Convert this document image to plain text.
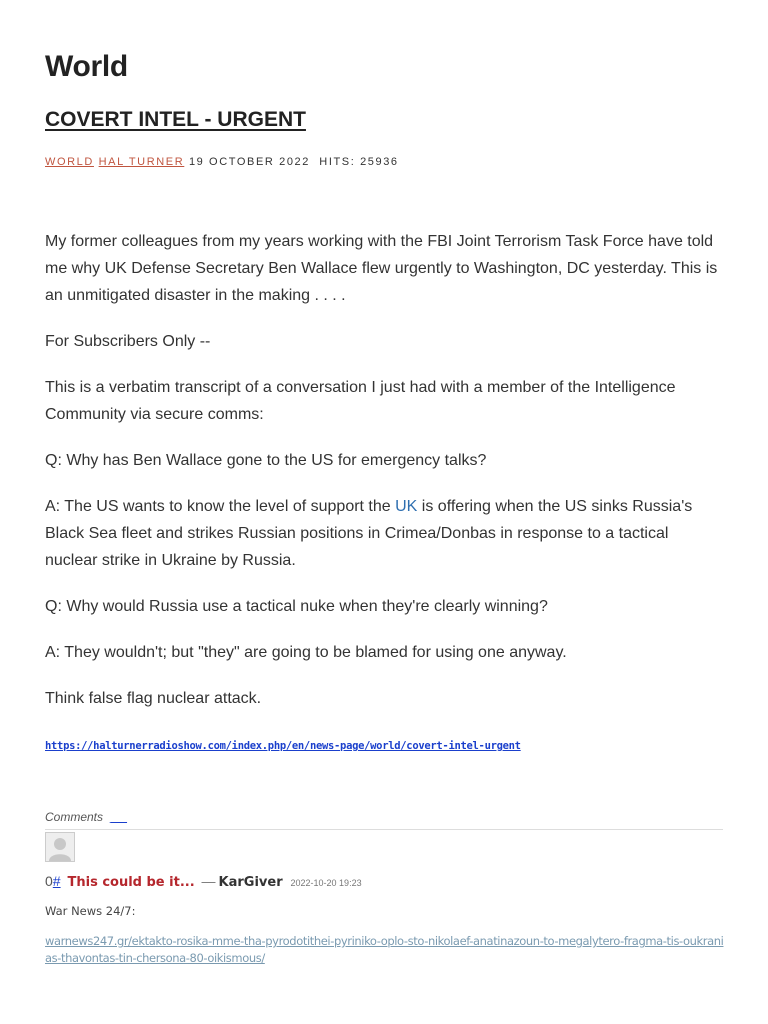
World
COVERT INTEL - URGENT
WORLD HAL TURNER 19 OCTOBER 2022 HITS: 25936

My former colleagues from my years working with the FBI Joint Terrorism Task Force have told me why UK Defense Secretary Ben Wallace flew urgently to Washington, DC yesterday. This is an unmitigated disaster in the making . . . .

For Subscribers Only --

This is a verbatim transcript of a conversation I just had with a member of the Intelligence Community via secure comms:

Q: Why has Ben Wallace gone to the US for emergency talks?

A: The US wants to know the level of support the UK is offering when the US sinks Russia's Black Sea fleet and strikes Russian positions in Crimea/Donbas in response to a tactical nuclear strike in Ukraine by Russia.

Q: Why would Russia use a tactical nuke when they're clearly winning?

A: They wouldn't; but "they" are going to be blamed for using one anyway.

Think false flag nuclear attack.

https://halturnerradioshow.com/index.php/en/news-page/world/covert-intel-urgent

Comments _ _
0# This could be it... — KarGiver 2022-10-20 19:23

War News 24/7:

warnews247.gr/ektakto-rosika-mme-tha-pyrodotithei-pyriniko-oplo-sto-nikolaef-anatinazoun-to-megalytero-fragma-tis-oukranias-thavontas-tin-chersona-80-oikismous/
